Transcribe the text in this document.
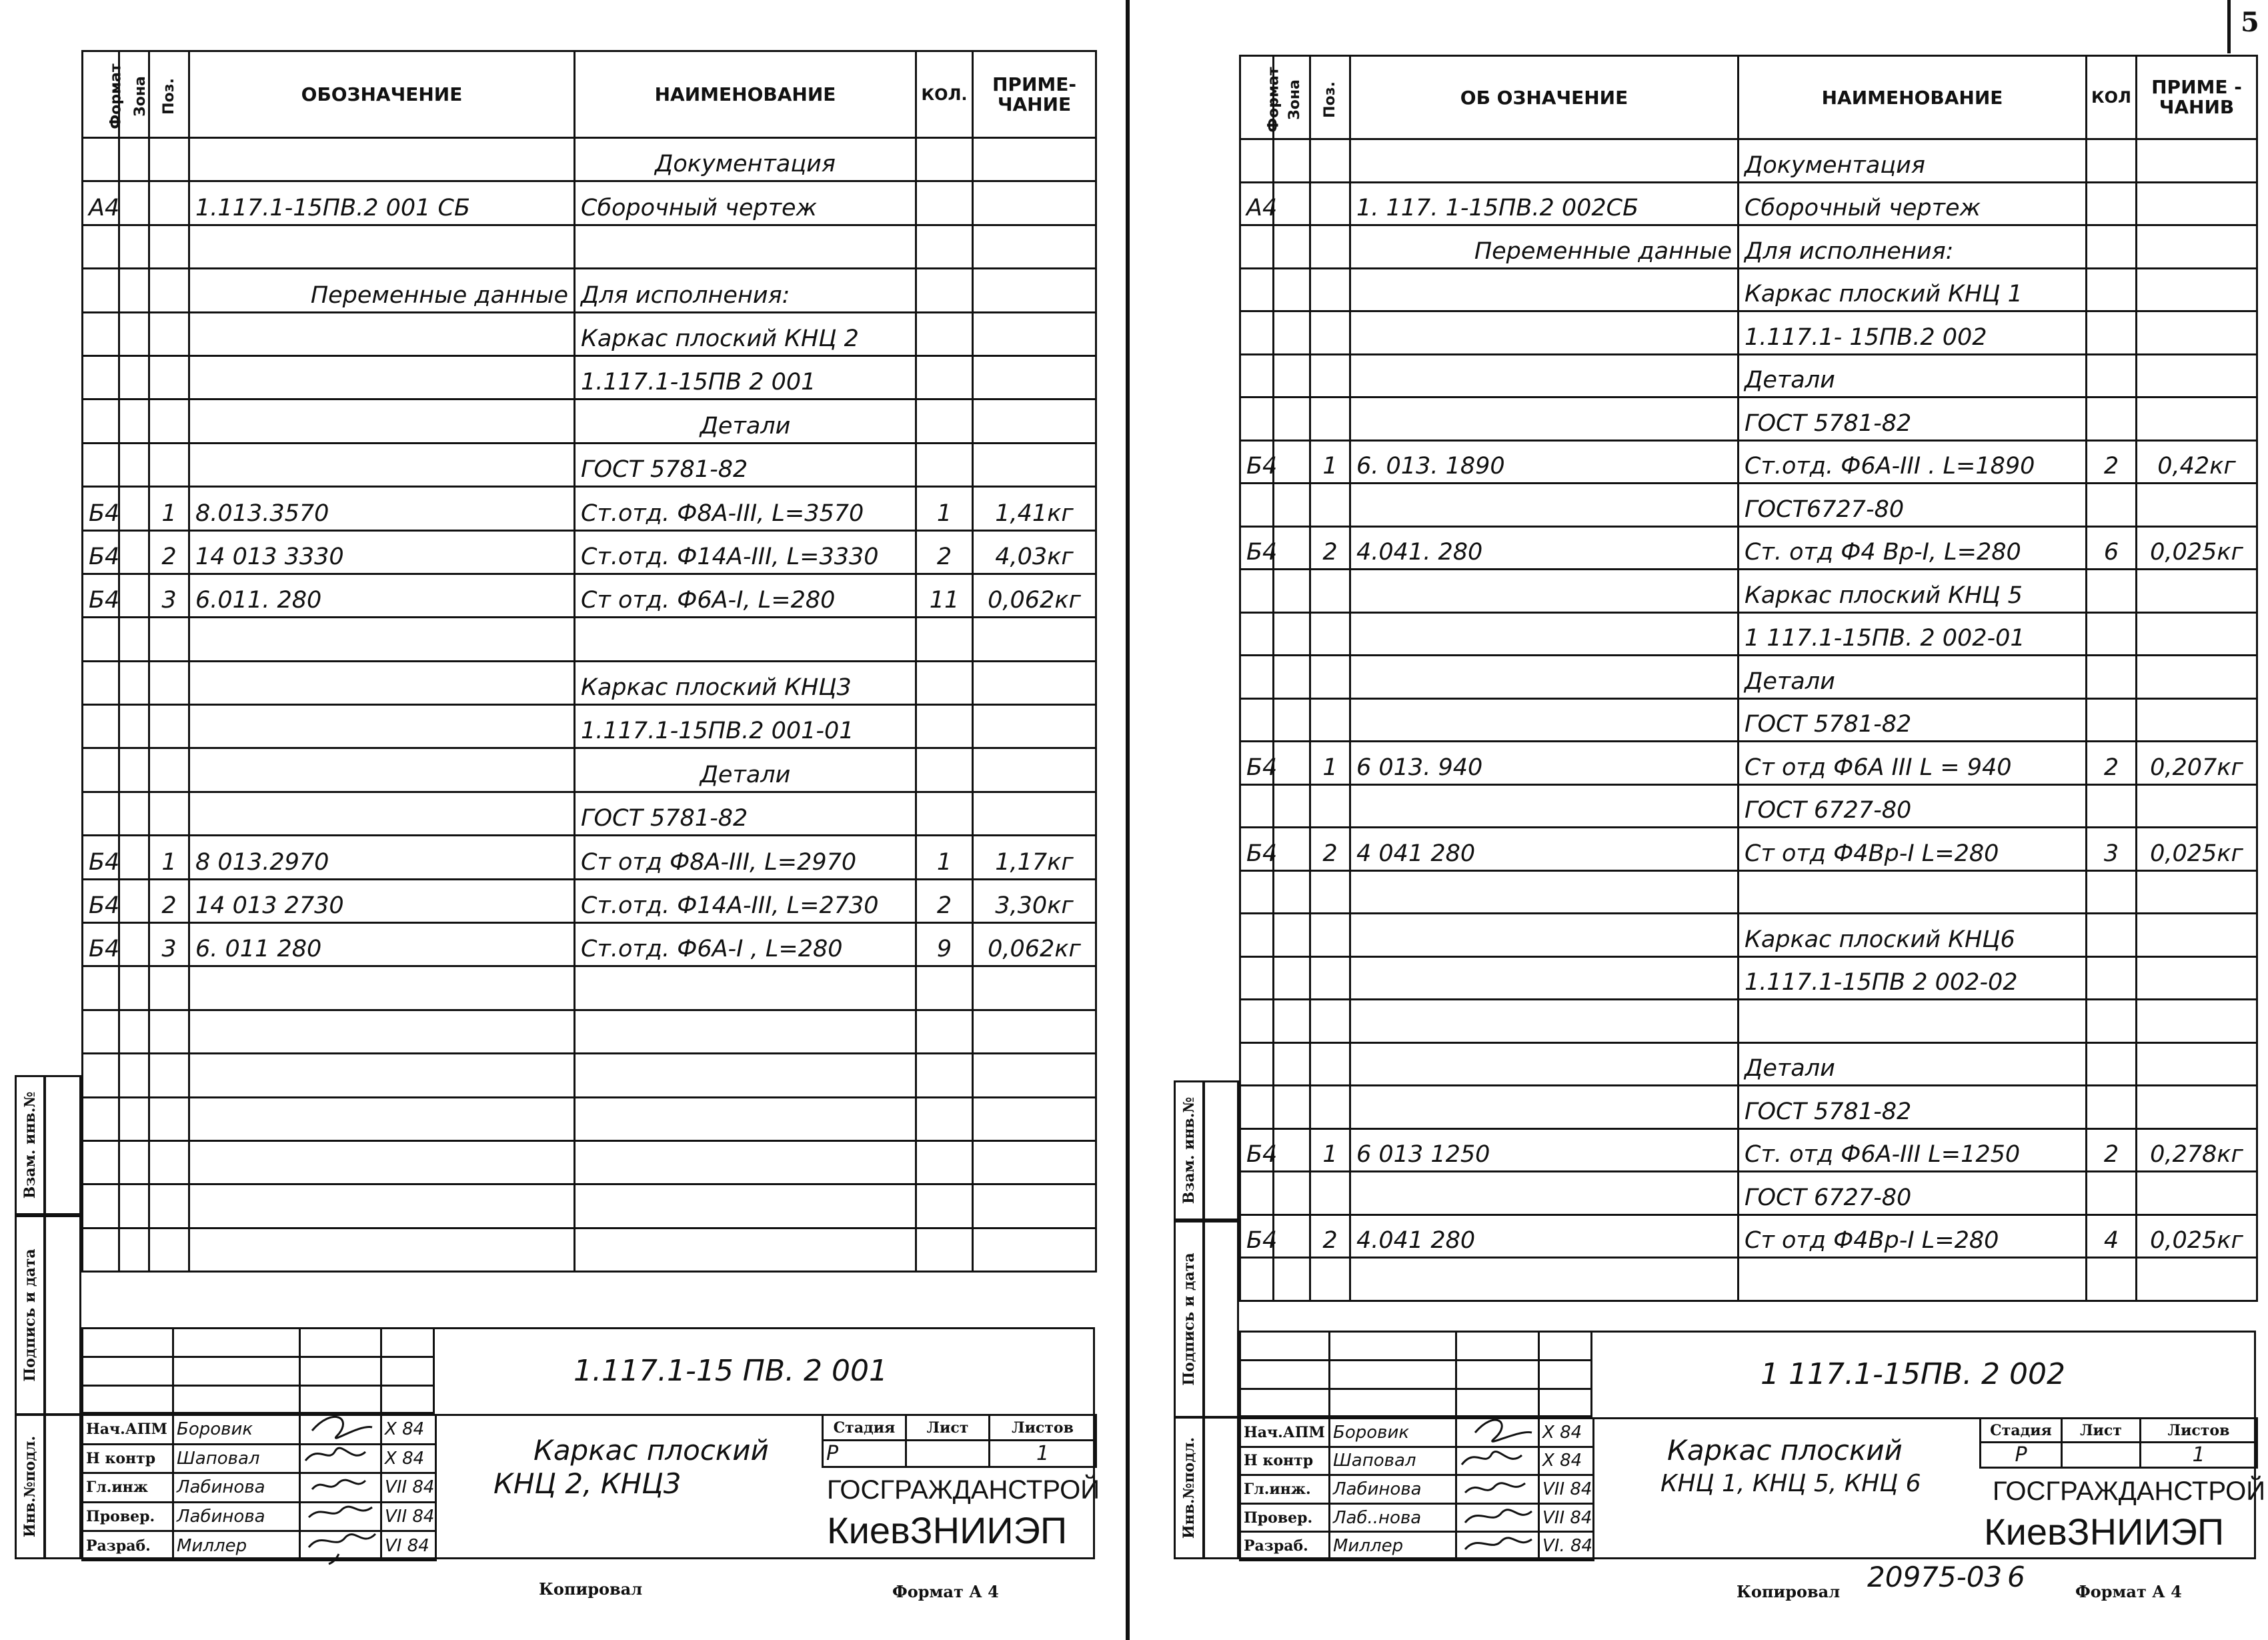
5
Формат	Зона	Поз.	ОБОЗНАЧЕНИЕ	НАИМЕНОВАНИЕ	КОЛ.	ПРИМЕ-ЧАНИЕ
				Документация		
А4			1.117.1-15ПВ.2 001 СБ	Сборочный чертеж		

			Переменные данные	Для исполнения:		
				Каркас плоский КНЦ 2		
				1.117.1-15ПВ 2 001		
				Детали		
				ГОСТ 5781-82		
Б4		1	8.013.3570	Ст.отд. Ф8А-III, L=3570	1	1,41кг
Б4		2	14 013 3330	Ст.отд. Ф14А-III, L=3330	2	4,03кг
Б4		3	6.011. 280	Ст отд. Ф6А-I, L=280	11	0,062кг

				Каркас плоский КНЦ3		
				1.117.1-15ПВ.2 001-01		
				Детали		
				ГОСТ 5781-82		
Б4		1	8 013.2970	Ст отд Ф8А-III, L=2970	1	1,17кг
Б4		2	14 013 2730	Ст.отд. Ф14А-III, L=2730	2	3,30кг
Б4		3	6. 011 280	Ст.отд. Ф6А-I , L=280	9	0,062кг

Взам. инв.№
Подпись и дата
Инв.№подл.
1.117.1-15 ПВ. 2 001
Нач.АПМ	Боровик		X 84
Н контр	Шаповал		X 84
Гл.инж	Лабинова		VII 84
Провер.	Лабинова		VII 84
Разраб.	Миллер		VI 84
Каркас плоский
КНЦ 2, КНЦ3
Стадия	Лист	Листов
Р		1
ГОСГРАЖДАНСТРОЙ
КиевЗНИИЭП
Копировал	Формат А 4
Формат	Зона	Поз.	ОБ ОЗНАЧЕНИЕ	НАИМЕНОВАНИЕ	КОЛ	ПРИМЕ - ЧАНИВ
				Документация		
А4			1. 117. 1-15ПВ.2 002СБ	Сборочный чертеж		
			Переменные данные	Для исполнения:		
				Каркас плоский КНЦ 1		
				1.117.1- 15ПВ.2 002		
				Детали		
				ГОСТ 5781-82		
Б4		1	6. 013. 1890	Ст.отд. Ф6А-III . L=1890	2	0,42кг
				ГОСТ6727-80		
Б4		2	4.041. 280	Ст. отд Ф4 Вр-I, L=280	6	0,025кг
				Каркас плоский КНЦ 5		
				1 117.1-15ПВ. 2 002-01		
				Детали		
				ГОСТ 5781-82		
Б4		1	6 013. 940	Ст отд Ф6А III L = 940	2	0,207кг
				ГОСТ 6727-80		
Б4		2	4 041 280	Ст отд Ф4Вр-I L=280	3	0,025кг

				Каркас плоский КНЦ6		
				1.117.1-15ПВ 2 002-02		

				Детали		
				ГОСТ 5781-82		
Б4		1	6 013 1250	Ст. отд Ф6А-III L=1250	2	0,278кг
				ГОСТ 6727-80		
Б4		2	4.041 280	Ст отд Ф4Вр-I L=280	4	0,025кг

Взам. инв.№
Подпись и дата
Инв.№подл.
1 117.1-15ПВ. 2 002
Нач.АПМ	Боровик		X 84
Н контр	Шаповал		X 84
Гл.инж.	Лабинова		VII 84
Провер.	Лаб..нова		VII 84
Разраб.	Миллер		VI. 84
Каркас плоский
КНЦ 1, КНЦ 5, КНЦ 6
Стадия	Лист	Листов
Р		1
ГОСГРАЖДАНСТРОЙ
КиевЗНИИЭП
Копировал 20975-03 6	Формат А 4
